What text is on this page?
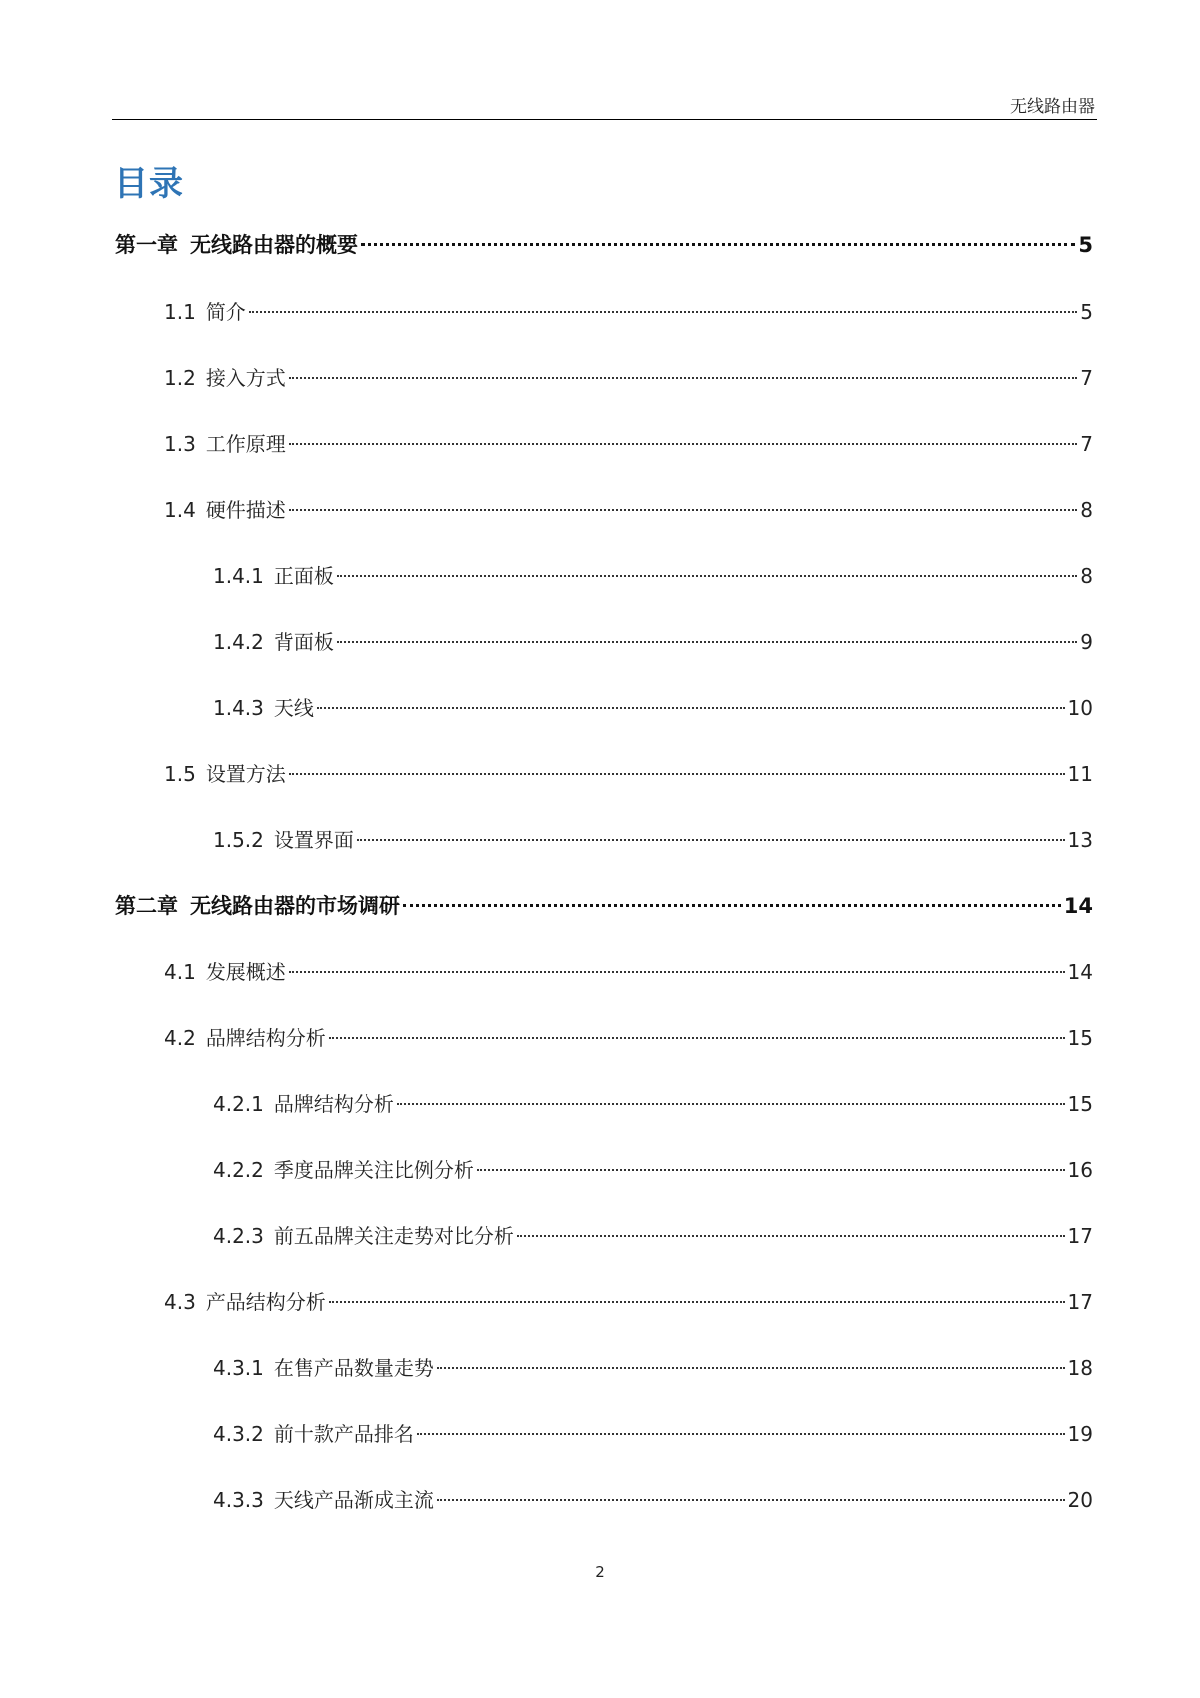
无线路由器
目录
第一章 无线路由器的概要	5
1.1 简介	5
1.2 接入方式	7
1.3 工作原理	7
1.4 硬件描述	8
1.4.1 正面板	8
1.4.2 背面板	9
1.4.3 天线	10
1.5 设置方法	11
1.5.2 设置界面	13
第二章 无线路由器的市场调研	14
4.1 发展概述	14
4.2 品牌结构分析	15
4.2.1 品牌结构分析	15
4.2.2 季度品牌关注比例分析	16
4.2.3 前五品牌关注走势对比分析	17
4.3 产品结构分析	17
4.3.1 在售产品数量走势	18
4.3.2 前十款产品排名	19
4.3.3 天线产品渐成主流	20
2
